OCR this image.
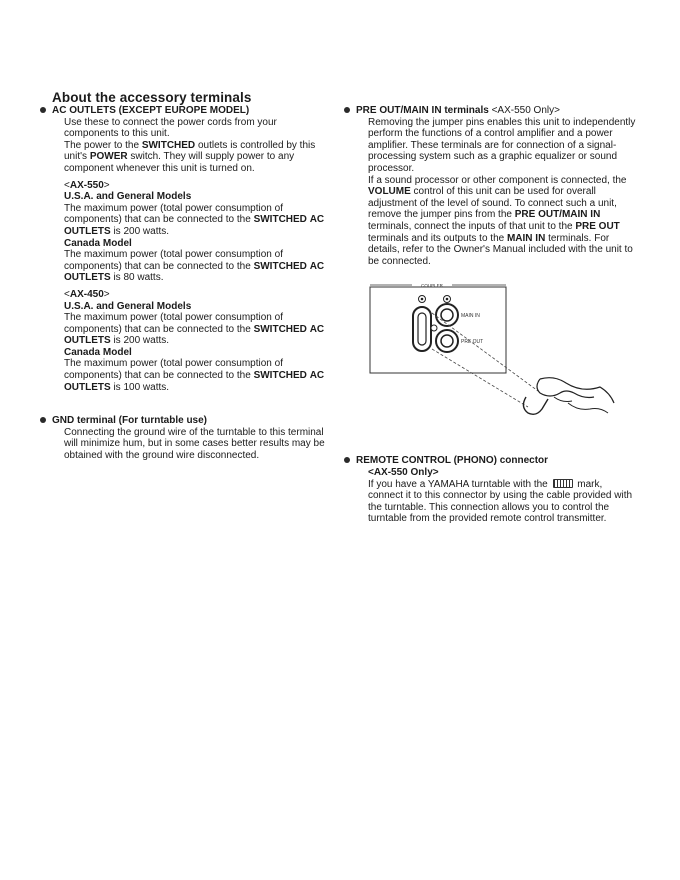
About the accessory terminals
AC OUTLETS (EXCEPT EUROPE MODEL)

Use these to connect the power cords from your components to this unit.

The power to the SWITCHED outlets is controlled by this unit's POWER switch. They will supply power to any component whenever this unit is turned on.

<AX-550>

U.S.A. and General Models

The maximum power (total power consumption of components) that can be connected to the SWITCHED AC OUTLETS is 200 watts.

Canada Model

The maximum power (total power consumption of components) that can be connected to the SWITCHED AC OUTLETS is 80 watts.

<AX-450>

U.S.A. and General Models

The maximum power (total power consumption of components) that can be connected to the SWITCHED AC OUTLETS is 200 watts.

Canada Model

The maximum power (total power consumption of components) that can be connected to the SWITCHED AC OUTLETS is 100 watts.

GND terminal (For turntable use)

Connecting the ground wire of the turntable to this terminal will minimize hum, but in some cases better results may be obtained with the ground wire disconnected.

PRE OUT/MAIN IN terminals <AX-550 Only>

Removing the jumper pins enables this unit to independently perform the functions of a control amplifier and a power amplifier. These terminals are for connection of a signal-processing system such as a graphic equalizer or sound processor.

If a sound processor or other component is connected, the VOLUME control of this unit can be used for overall adjustment of the level of sound. To connect such a unit, remove the jumper pins from the PRE OUT/MAIN IN terminals, connect the inputs of that unit to the PRE OUT terminals and its outputs to the MAIN IN terminals. For details, refer to the Owner's Manual included with the unit to be connected.

COUPLER
MAIN IN
PRE OUT
REMOTE CONTROL (PHONO) connector

<AX-550 Only>

If you have a YAMAHA turntable with the  mark, connect it to this connector by using the cable provided with the turntable. This connection allows you to control the turntable from the provided remote control transmitter.
